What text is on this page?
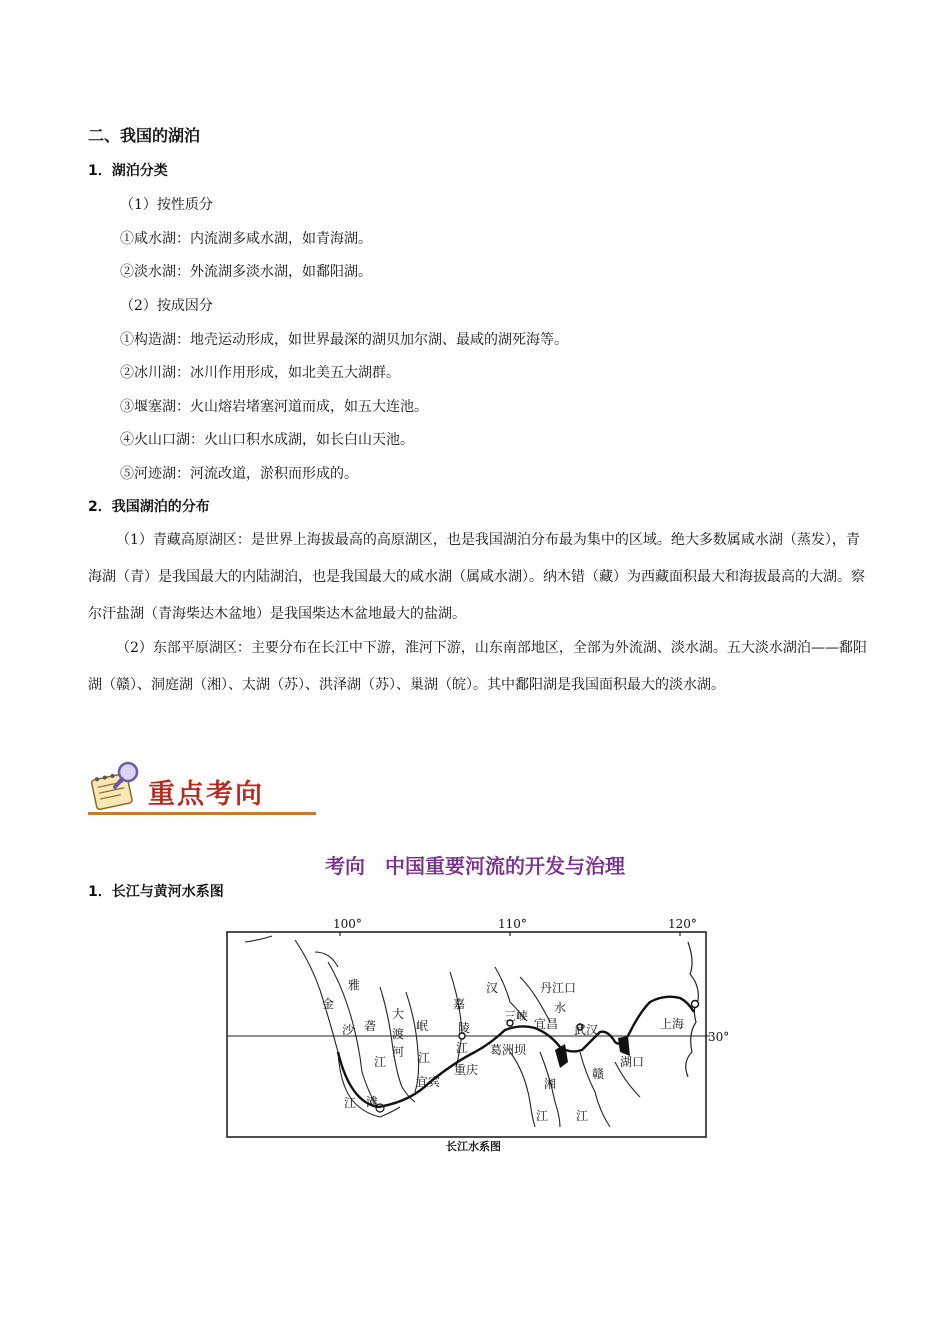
二、我国的湖泊
1．湖泊分类
（1）按性质分
①咸水湖：内流湖多咸水湖，如青海湖。
②淡水湖：外流湖多淡水湖，如鄱阳湖。
（2）按成因分
①构造湖：地壳运动形成，如世界最深的湖贝加尔湖、最咸的湖死海等。
②冰川湖：冰川作用形成，如北美五大湖群。
③堰塞湖：火山熔岩堵塞河道而成，如五大连池。
④火山口湖：火山口积水成湖，如长白山天池。
⑤河迹湖：河流改道，淤积而形成的。
2．我国湖泊的分布
（1）青藏高原湖区：是世界上海拔最高的高原湖区，也是我国湖泊分布最为集中的区域。绝大多数属咸水湖（蒸发），青海湖（青）是我国最大的内陆湖泊，也是我国最大的咸水湖（属咸水湖）。纳木错（藏）为西藏面积最大和海拔最高的大湖。察尔汗盐湖（青海柴达木盆地）是我国柴达木盆地最大的盐湖。
（2）东部平原湖区：主要分布在长江中下游，淮河下游，山东南部地区，全部为外流湖、淡水湖。五大淡水湖泊——鄱阳湖（赣）、洞庭湖（湘）、太湖（苏）、洪泽湖（苏）、巢湖（皖）。其中鄱阳湖是我国面积最大的淡水湖。
重点考向
考向　中国重要河流的开发与治理
1．长江与黄河水系图
100°	110°	120°
30°
金
沙
江
雅
砻
江
大
渡
河
岷
江
嘉
陵
江
汉
水
丹江口
三峡
宜昌 武汉	上海
葛洲坝
重庆
宜宾
滩
湘
江
赣
江
湖口
长江水系图
